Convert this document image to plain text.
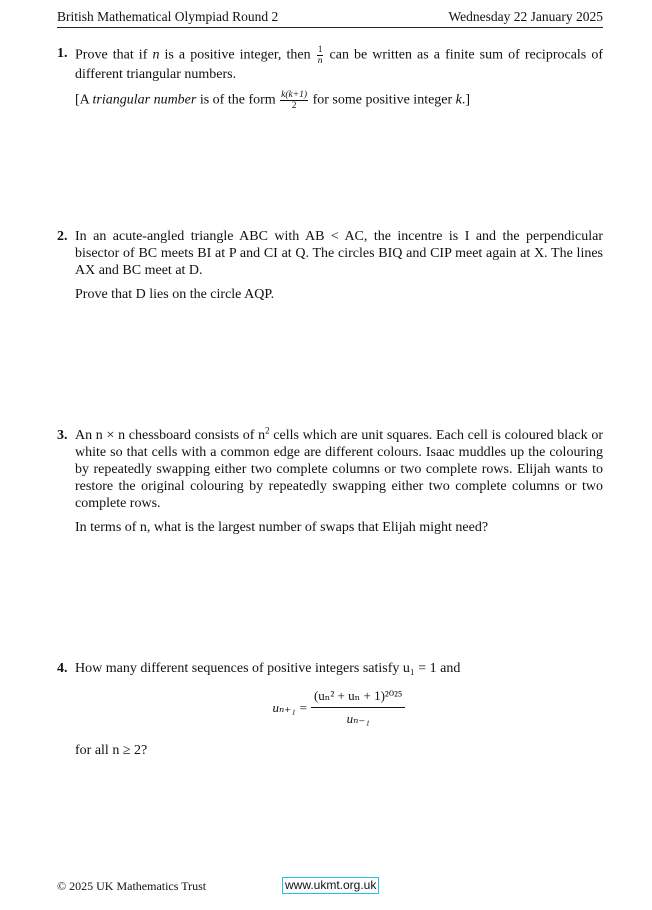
British Mathematical Olympiad Round 2	Wednesday 22 January 2025
1. Prove that if n is a positive integer, then $\frac{1}{n}$ can be written as a finite sum of reciprocals of different triangular numbers.

[A triangular number is of the form $\frac{k(k+1)}{2}$ for some positive integer k.]

2. In an acute-angled triangle ABC with AB < AC, the incentre is I and the perpendicular bisector of BC meets BI at P and CI at Q. The circles BIQ and CIP meet again at X. The lines AX and BC meet at D.

Prove that D lies on the circle AQP.

3. An n × n chessboard consists of $n^2$ cells which are unit squares. Each cell is coloured black or white so that cells with a common edge are different colours. Isaac muddles up the colouring by repeatedly swapping either two complete columns or two complete rows. Elijah wants to restore the original colouring by repeatedly swapping either two complete columns or two complete rows.

In terms of n, what is the largest number of swaps that Elijah might need?

4. How many different sequences of positive integers satisfy u₁ = 1 and

$u_{n+1} = \frac{\text{(uₙ² + uₙ + 1)²⁰²⁵}}{\text{uₙ₋₁}}$

for all n ≥ 2?

© 2025 UK Mathematics Trust	www.ukmt.org.uk
